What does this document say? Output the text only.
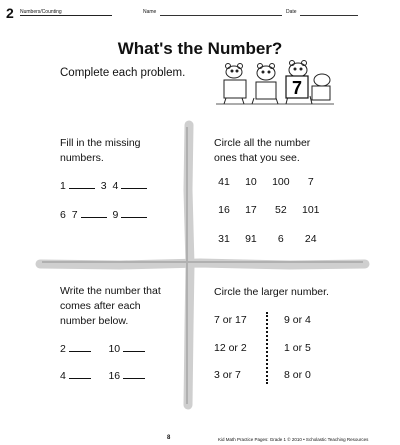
2 Numbers/Counting	Name	Date
What's the Number?
Complete each problem.
7
Fill in the missing
numbers.
1	3 4
6 7	9
Circle all the number
ones that you see.
41 10 100 7
16 17 52 101
31 91 6 24
Write the number that
comes after each
number below.
2	10
4	16
Circle the larger number.
7 or 17	9 or 4
12 or 2	1 or 5
3 or 7	8 or 0
8	Kid Math Practice Pages: Grade 1 © 2010 • Scholastic Teaching Resources
